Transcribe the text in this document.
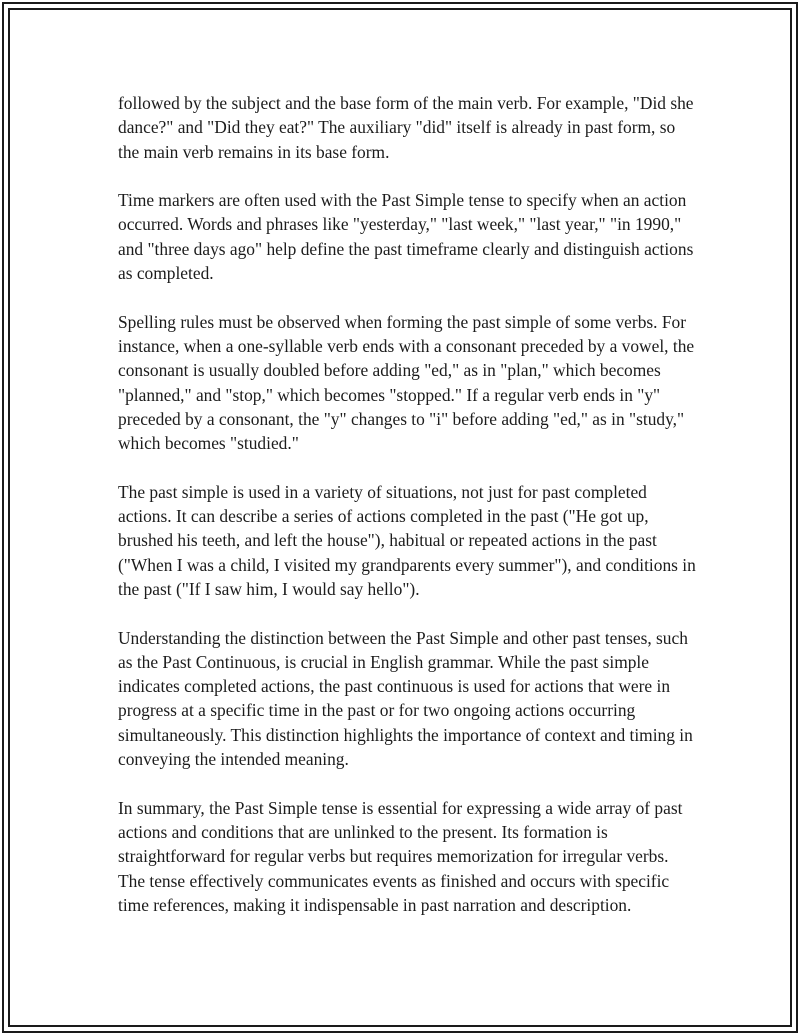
followed by the subject and the base form of the main verb. For example, "Did she dance?" and "Did they eat?" The auxiliary "did" itself is already in past form, so the main verb remains in its base form.

Time markers are often used with the Past Simple tense to specify when an action occurred. Words and phrases like "yesterday," "last week," "last year," "in 1990," and "three days ago" help define the past timeframe clearly and distinguish actions as completed.

Spelling rules must be observed when forming the past simple of some verbs. For instance, when a one-syllable verb ends with a consonant preceded by a vowel, the consonant is usually doubled before adding "ed," as in "plan," which becomes "planned," and "stop," which becomes "stopped." If a regular verb ends in "y" preceded by a consonant, the "y" changes to "i" before adding "ed," as in "study," which becomes "studied."

The past simple is used in a variety of situations, not just for past completed actions. It can describe a series of actions completed in the past ("He got up, brushed his teeth, and left the house"), habitual or repeated actions in the past ("When I was a child, I visited my grandparents every summer"), and conditions in the past ("If I saw him, I would say hello").

Understanding the distinction between the Past Simple and other past tenses, such as the Past Continuous, is crucial in English grammar. While the past simple indicates completed actions, the past continuous is used for actions that were in progress at a specific time in the past or for two ongoing actions occurring simultaneously. This distinction highlights the importance of context and timing in conveying the intended meaning.

In summary, the Past Simple tense is essential for expressing a wide array of past actions and conditions that are unlinked to the present. Its formation is straightforward for regular verbs but requires memorization for irregular verbs. The tense effectively communicates events as finished and occurs with specific time references, making it indispensable in past narration and description.
